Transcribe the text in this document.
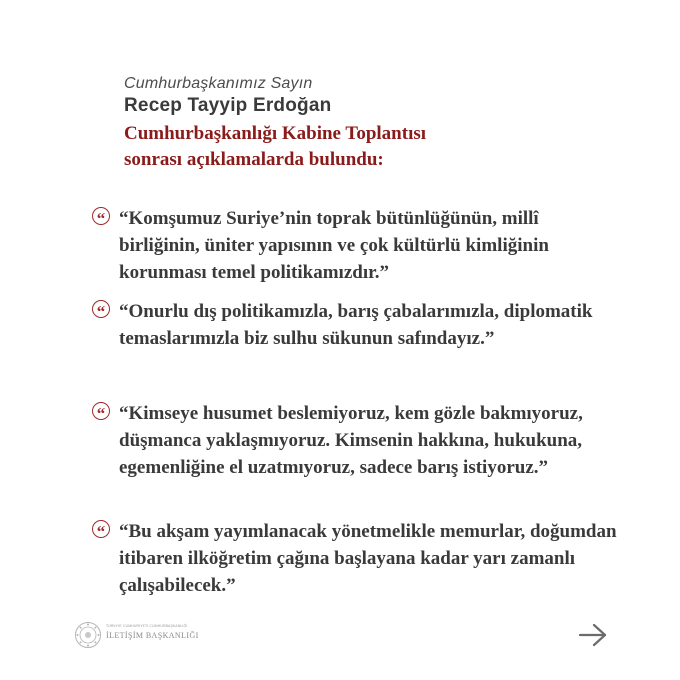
Cumhurbaşkanımız Sayın
Recep Tayyip Erdoğan
Cumhurbaşkanlığı Kabine Toplantısı sonrası açıklamalarda bulundu:
“ “Komşumuz Suriye’nin toprak bütünlüğünün, millî birliğinin, üniter yapısının ve çok kültürlü kimliğinin korunması temel politikamızdır.”
“ “Onurlu dış politikamızla, barış çabalarımızla, diplomatik temaslarımızla biz sulhu sükunun safındayız.”
“ “Kimseye husumet beslemiyoruz, kem gözle bakmıyoruz, düşmanca yaklaşmıyoruz. Kimsenin hakkına, hukukuna, egemenliğine el uzatmıyoruz, sadece barış istiyoruz.”
“ “Bu akşam yayımlanacak yönetmelikle memurlar, doğumdan itibaren ilköğretim çağına başlayana kadar yarı zamanlı çalışabilecek.”
TÜRKİYE CUMHURİYETİ CUMHURBAŞKANLIĞI
İLETİŞİM BAŞKANLIĞI
